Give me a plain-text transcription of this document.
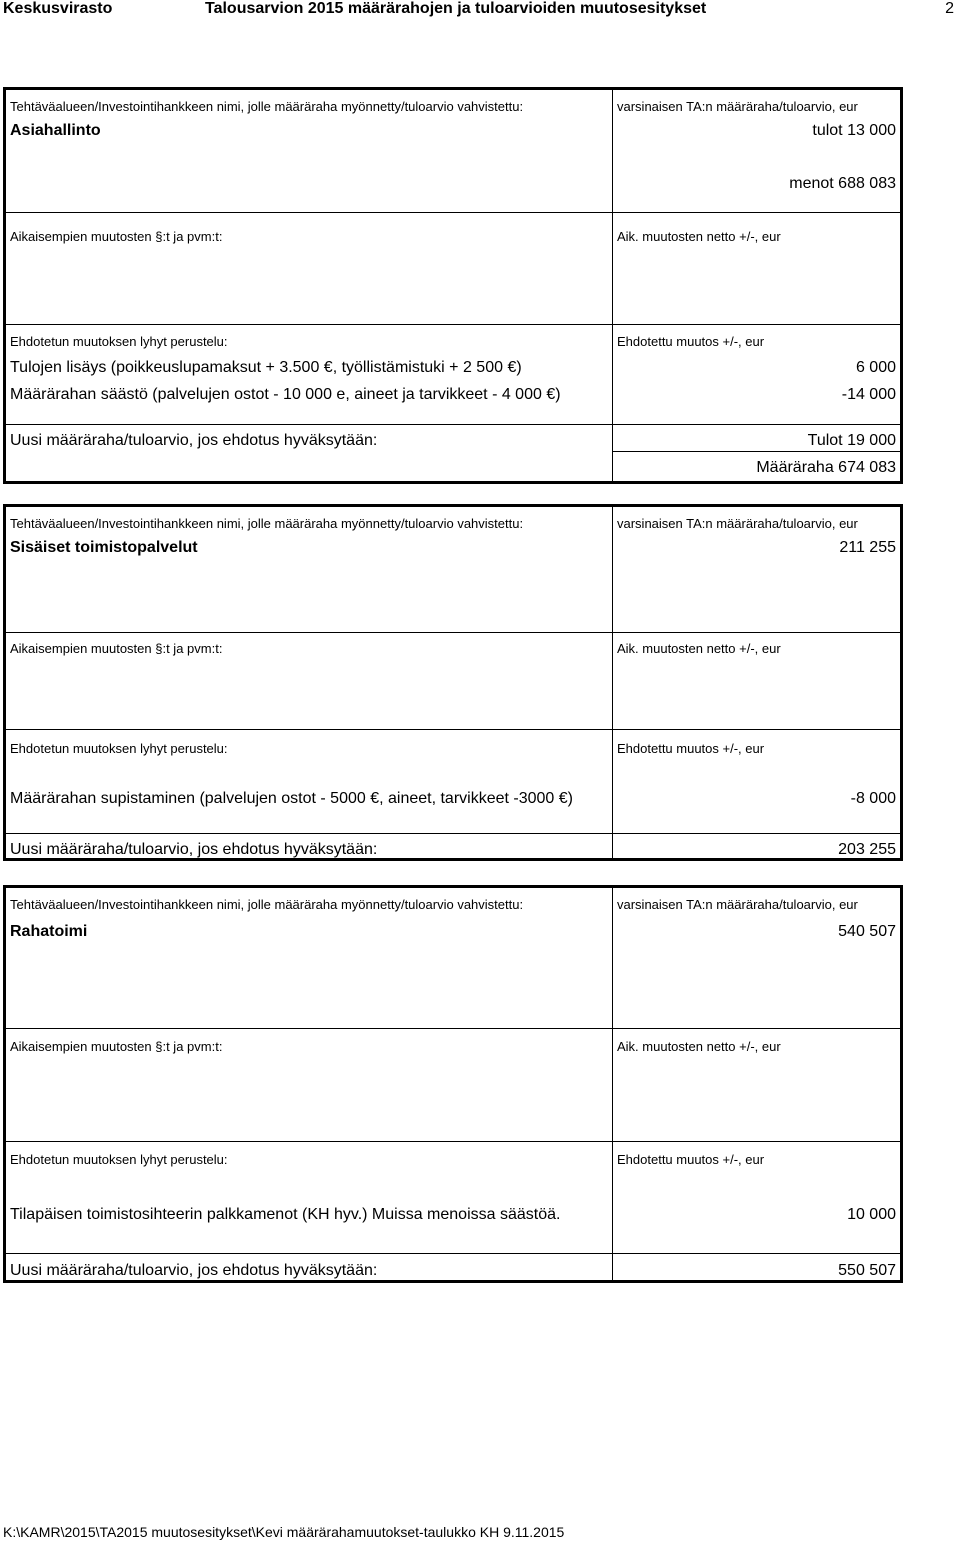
Keskusvirasto	Talousarvion 2015 määrärahojen ja tuloarvioiden muutosesitykset	2
Tehtäväalueen/Investointihankkeen nimi, jolle määräraha myönnetty/tuloarvio vahvistettu:	varsinaisen TA:n määräraha/tuloarvio, eur
Asiahallinto	tulot 13 000
menot 688 083
Aikaisempien muutosten §:t ja pvm:t:	Aik. muutosten netto +/-, eur
Ehdotetun muutoksen lyhyt perustelu:	Ehdotettu muutos +/-, eur
Tulojen lisäys (poikkeuslupamaksut + 3.500 €, työllistämistuki + 2 500 €)	6 000
Määrärahan säästö (palvelujen ostot - 10 000 e, aineet ja tarvikkeet - 4 000 €)	-14 000
Uusi määräraha/tuloarvio, jos ehdotus hyväksytään:	Tulot 19 000
Määräraha 674 083
Tehtäväalueen/Investointihankkeen nimi, jolle määräraha myönnetty/tuloarvio vahvistettu:	varsinaisen TA:n määräraha/tuloarvio, eur
Sisäiset toimistopalvelut	211 255
Aikaisempien muutosten §:t ja pvm:t:	Aik. muutosten netto +/-, eur
Ehdotetun muutoksen lyhyt perustelu:	Ehdotettu muutos +/-, eur
Määrärahan supistaminen (palvelujen ostot - 5000 €, aineet, tarvikkeet -3000 €)	-8 000
Uusi määräraha/tuloarvio, jos ehdotus hyväksytään:	203 255
Tehtäväalueen/Investointihankkeen nimi, jolle määräraha myönnetty/tuloarvio vahvistettu:	varsinaisen TA:n määräraha/tuloarvio, eur
Rahatoimi	540 507
Aikaisempien muutosten §:t ja pvm:t:	Aik. muutosten netto +/-, eur
Ehdotetun muutoksen lyhyt perustelu:	Ehdotettu muutos +/-, eur
Tilapäisen toimistosihteerin palkkamenot (KH hyv.) Muissa menoissa säästöä.	10 000
Uusi määräraha/tuloarvio, jos ehdotus hyväksytään:	550 507
K:\KAMR\2015\TA2015 muutosesitykset\Kevi määrärahamuutokset-taulukko KH 9.11.2015
